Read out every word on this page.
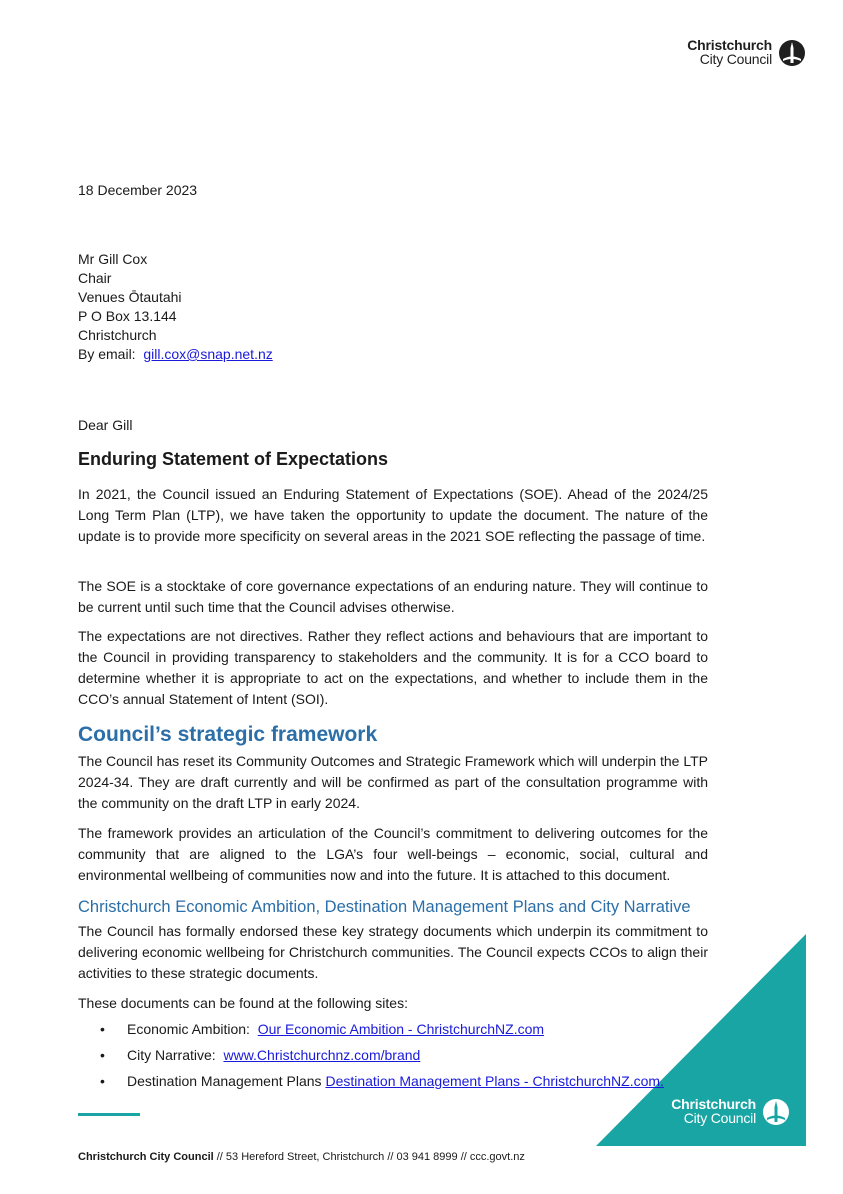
Christchurch
City Council
18 December 2023
Mr Gill Cox
Chair
Venues Ōtautahi
P O Box 13.144
Christchurch
By email: gill.cox@snap.net.nz
Dear Gill
Enduring Statement of Expectations
In 2021, the Council issued an Enduring Statement of Expectations (SOE). Ahead of the 2024/25 Long Term Plan (LTP), we have taken the opportunity to update the document. The nature of the update is to provide more specificity on several areas in the 2021 SOE reflecting the passage of time.
The SOE is a stocktake of core governance expectations of an enduring nature. They will continue to be current until such time that the Council advises otherwise.
The expectations are not directives. Rather they reflect actions and behaviours that are important to the Council in providing transparency to stakeholders and the community. It is for a CCO board to determine whether it is appropriate to act on the expectations, and whether to include them in the CCO’s annual Statement of Intent (SOI).
Council’s strategic framework
The Council has reset its Community Outcomes and Strategic Framework which will underpin the LTP 2024-34. They are draft currently and will be confirmed as part of the consultation programme with the community on the draft LTP in early 2024.
The framework provides an articulation of the Council’s commitment to delivering outcomes for the community that are aligned to the LGA’s four well-beings – economic, social, cultural and environmental wellbeing of communities now and into the future. It is attached to this document.
Christchurch Economic Ambition, Destination Management Plans and City Narrative
The Council has formally endorsed these key strategy documents which underpin its commitment to delivering economic wellbeing for Christchurch communities. The Council expects CCOs to align their activities to these strategic documents.
These documents can be found at the following sites:
• Economic Ambition: Our Economic Ambition - ChristchurchNZ.com
• City Narrative: www.Christchurchnz.com/brand
• Destination Management Plans Destination Management Plans - ChristchurchNZ.com.
Christchurch
City Council
Christchurch City Council // 53 Hereford Street, Christchurch // 03 941 8999 // ccc.govt.nz
